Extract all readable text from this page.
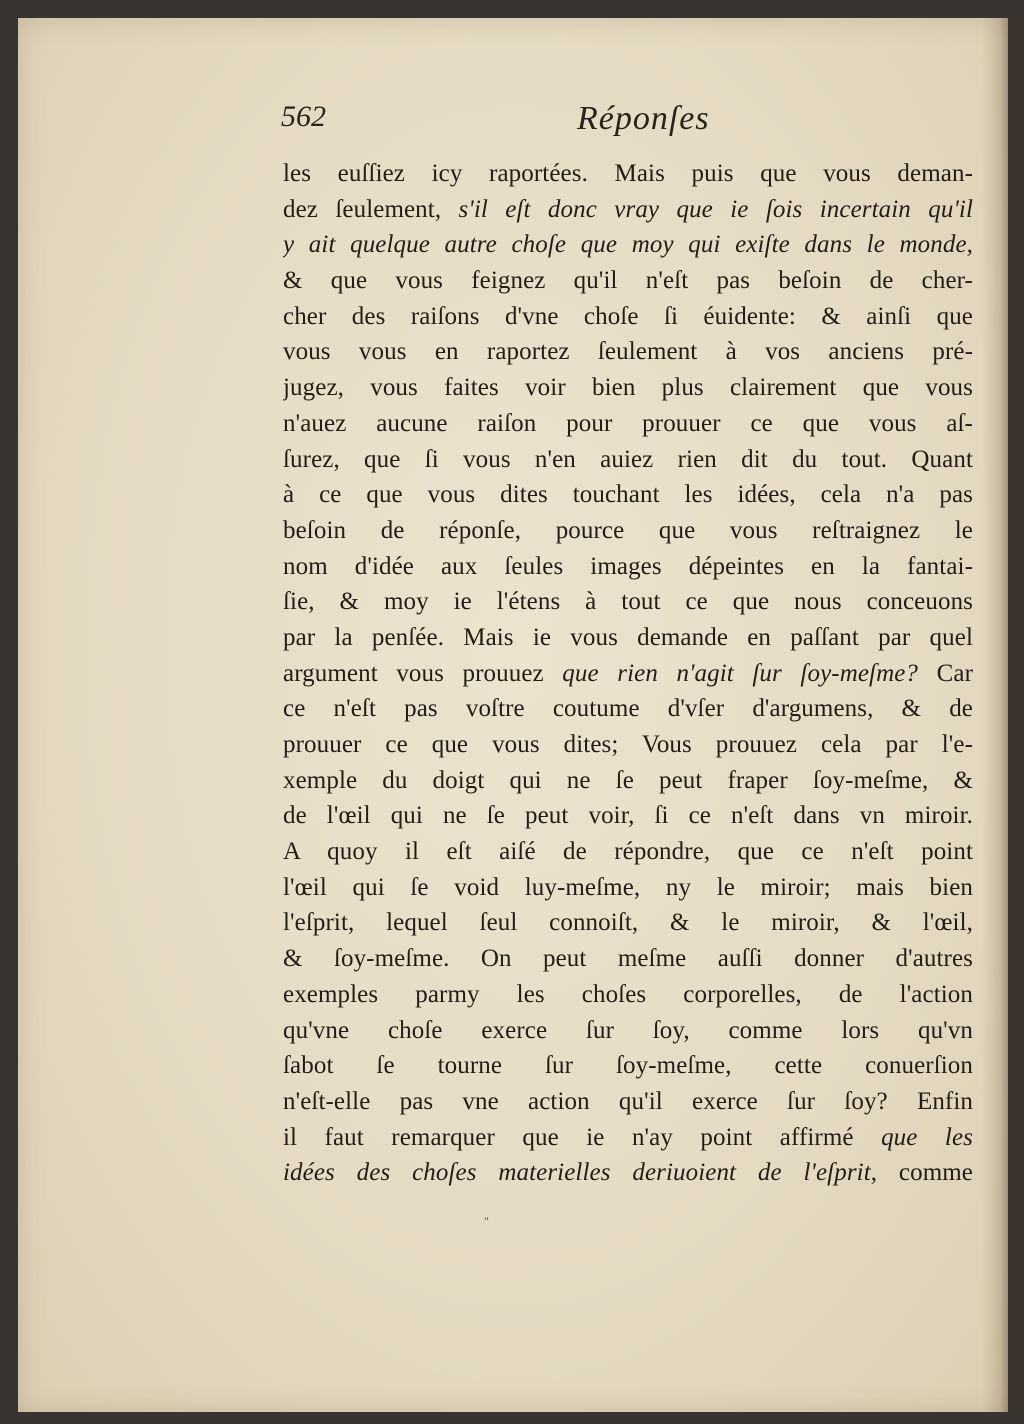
562	Réponſes
les euſſiez icy raportées. Mais puis que vous deman-
dez ſeulement, s'il eſt donc vray que ie ſois incertain qu'il
y ait quelque autre choſe que moy qui exiſte dans le monde,
& que vous feignez qu'il n'eſt pas beſoin de cher-
cher des raiſons d'vne choſe ſi éuidente: & ainſi que
vous vous en raportez ſeulement à vos anciens pré-
jugez, vous faites voir bien plus clairement que vous
n'auez aucune raiſon pour prouuer ce que vous aſ-
ſurez, que ſi vous n'en auiez rien dit du tout. Quant
à ce que vous dites touchant les idées, cela n'a pas
beſoin de réponſe, pource que vous reſtraignez le
nom d'idée aux ſeules images dépeintes en la fantai-
ſie, & moy ie l'étens à tout ce que nous conceuons
par la penſée. Mais ie vous demande en paſſant par quel
argument vous prouuez que rien n'agit ſur ſoy-meſme? Car
ce n'eſt pas voſtre coutume d'vſer d'argumens, & de
prouuer ce que vous dites; Vous prouuez cela par l'e-
xemple du doigt qui ne ſe peut fraper ſoy-meſme, &
de l'œil qui ne ſe peut voir, ſi ce n'eſt dans vn miroir.
A quoy il eſt aiſé de répondre, que ce n'eſt point
l'œil qui ſe void luy-meſme, ny le miroir; mais bien
l'eſprit, lequel ſeul connoiſt, & le miroir, & l'œil,
& ſoy-meſme. On peut meſme auſſi donner d'autres
exemples parmy les choſes corporelles, de l'action
qu'vne choſe exerce ſur ſoy, comme lors qu'vn
ſabot ſe tourne ſur ſoy-meſme, cette conuerſion
n'eſt-elle pas vne action qu'il exerce ſur ſoy? Enfin
il faut remarquer que ie n'ay point affirmé que les
idées des choſes materielles deriuoient de l'eſprit, comme
"
